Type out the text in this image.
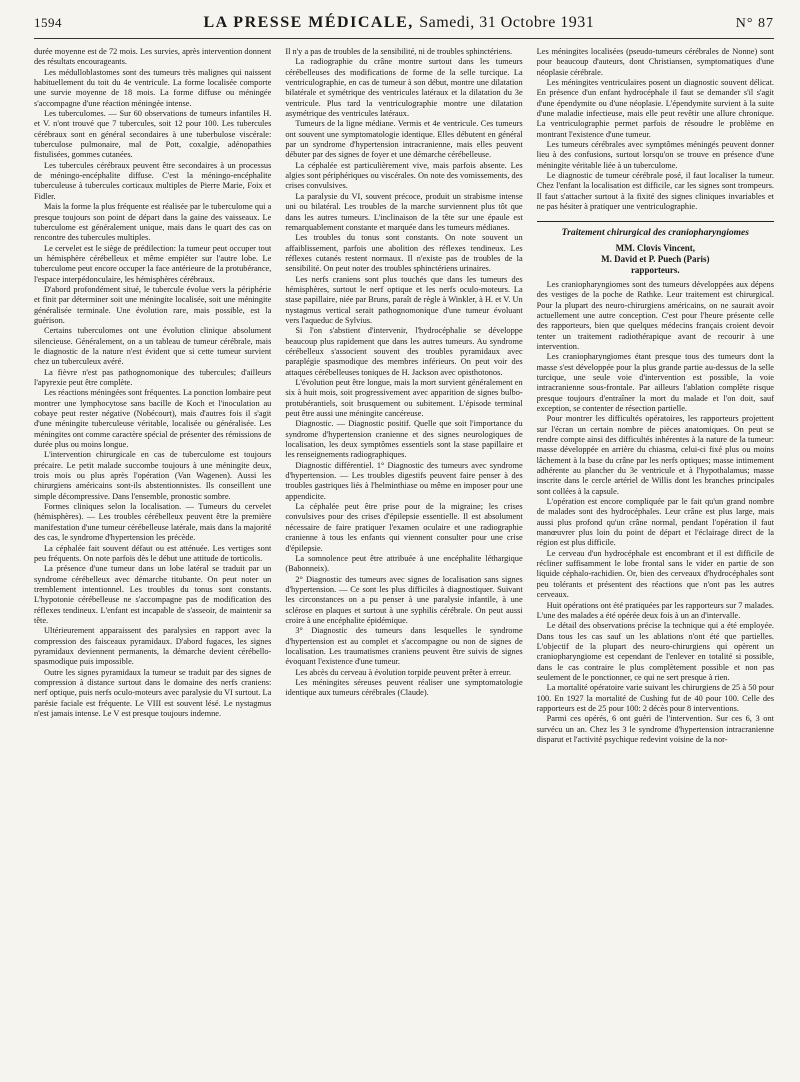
1594	LA PRESSE MÉDICALE, Samedi, 31 Octobre 1931	N° 87

durée moyenne est de 72 mois. Les survies, après intervention donnent des résultats encourageants.

Les médulloblastomes sont des tumeurs très malignes qui naissent habituellement du toit du 4e ventricule. La forme localisée comporte une survie moyenne de 18 mois. La forme diffuse ou méningée s'accompagne d'une réaction méningée intense.

Les tuberculomes. — Sur 60 observations de tumeurs infantiles H. et V. n'ont trouvé que 7 tubercules, soit 12 pour 100. Les tubercules cérébraux sont en général secondaires à une tuberbulose viscérale: tuberculose pulmonaire, mal de Pott, coxalgie, adénopathies fistulisées, gommes cutanées.

Les tubercules cérébraux peuvent être secondaires à un processus de méningo-encéphalite diffuse. C'est la méningo-encéphalite tuberculeuse à tubercules corticaux multiples de Pierre Marie, Foix et Fidler.

Mais la forme la plus fréquente est réalisée par le tuberculome qui a presque toujours son point de départ dans la gaine des vaisseaux. Le tuberculome est généralement unique, mais dans le quart des cas on rencontre des tubercules multiples.

Le cervelet est le siège de prédilection: la tumeur peut occuper tout un hémisphère cérébelleux et même empiéter sur l'autre lobe. Le tuberculome peut encore occuper la face antérieure de la protubérance, l'espace interpédonculaire, les hémisphères cérébraux.

D'abord profondément situé, le tubercule évolue vers la périphérie et finit par déterminer soit une méningite localisée, soit une méningite généralisée terminale. Une évolution rare, mais possible, est la guérison.

Certains tuberculomes ont une évolution clinique absolument silencieuse. Généralement, on a un tableau de tumeur cérébrale, mais le diagnostic de la nature n'est évident que si cette tumeur survient chez un tuberculeux avéré.

La fièvre n'est pas pathognomonique des tubercules; d'ailleurs l'apyrexie peut être complète.

Les réactions méningées sont fréquentes. La ponction lombaire peut montrer une lymphocytose sans bacille de Koch et l'inoculation au cobaye peut rester négative (Nobécourt), mais d'autres fois il s'agit d'une méningite tuberculeuse véritable, localisée ou généralisée. Les méningites ont comme caractère spécial de présenter des rémissions de durée plus ou moins longue.

L'intervention chirurgicale en cas de tuberculome est toujours précaire. Le petit malade succombe toujours à une méningite deux, trois mois ou plus après l'opération (Van Wagenen). Aussi les chirurgiens américains sont-ils abstentionnistes. Ils conseillent une simple décompressive. Dans l'ensemble, pronostic sombre.

Formes cliniques selon la localisation. — Tumeurs du cervelet (hémisphères). — Les troubles cérébelleux peuvent être la première manifestation d'une tumeur cérébelleuse latérale, mais dans la majorité des cas, le syndrome d'hypertension les précède.

La céphalée fait souvent défaut ou est atténuée. Les vertiges sont peu fréquents. On note parfois dès le début une attitude de torticolis.

La présence d'une tumeur dans un lobe latéral se traduit par un syndrome cérébelleux avec démarche titubante. On peut noter un tremblement intentionnel. Les troubles du tonus sont constants. L'hypotonie cérébelleuse ne s'accompagne pas de modification des réflexes tendineux. L'enfant est incapable de s'asseoir, de maintenir sa tête.

Ultérieurement apparaissent des paralysies en rapport avec la compression des faisceaux pyramidaux. D'abord fugaces, les signes pyramidaux deviennent permanents, la démarche devient cérébello-spasmodique puis impossible.

Outre les signes pyramidaux la tumeur se traduit par des signes de compression à distance surtout dans le domaine des nerfs craniens: nerf optique, puis nerfs oculo-moteurs avec paralysie du VI surtout. La parésie faciale est fréquente. Le VIII est souvent lésé. Le nystagmus n'est jamais intense. Le V est presque toujours indemne.

Il n'y a pas de troubles de la sensibilité, ni de troubles sphinctériens.

La radiographie du crâne montre surtout dans les tumeurs cérébelleuses des modifications de forme de la selle turcique. La ventriculographie, en cas de tumeur à son début, montre une dilatation bilatérale et symétrique des ventricules latéraux et la dilatation du 3e ventricule. Plus tard la ventriculographie montre une dilatation asymétrique des ventricules latéraux.

Tumeurs de la ligne médiane. Vermis et 4e ventricule. Ces tumeurs ont souvent une symptomatologie identique. Elles débutent en général par un syndrome d'hypertension intracranienne, mais elles peuvent débuter par des signes de foyer et une démarche cérébelleuse.

La céphalée est particulièrement vive, mais parfois absente. Les algies sont périphériques ou viscérales. On note des vomissements, des crises convulsives.

La paralysie du VI, souvent précoce, produit un strabisme intense uni ou bilatéral. Les troubles de la marche surviennent plus tôt que dans les autres tumeurs. L'inclinaison de la tête sur une épaule est remarquablement constante et marquée dans les tumeurs médianes.

Les troubles du tonus sont constants. On note souvent un affaiblissement, parfois une abolition des réflexes tendineux. Les réflexes cutanés restent normaux. Il n'existe pas de troubles de la sensibilité. On peut noter des troubles sphinctériens urinaires.

Les nerfs craniens sont plus touchés que dans les tumeurs des hémisphères, surtout le nerf optique et les nerfs oculo-moteurs. La stase papillaire, niée par Bruns, paraît de règle à Winkler, à H. et V. Un nystagmus vertical serait pathognomonique d'une tumeur évoluant vers l'aqueduc de Sylvius.

Si l'on s'abstient d'intervenir, l'hydrocéphalie se développe beaucoup plus rapidement que dans les autres tumeurs. Au syndrome cérébelleux s'associent souvent des troubles pyramidaux avec paraplégie spasmodique des membres inférieurs. On peut voir des attaques cérébelleuses toniques de H. Jackson avec opisthotonos.

L'évolution peut être longue, mais la mort survient généralement en six à huit mois, soit progressivement avec apparition de signes bulbo-protubérantiels, soit brusquement ou subitement. L'épisode terminal peut être aussi une méningite cancéreuse.

Diagnostic. — Diagnostic positif. Quelle que soit l'importance du syndrome d'hypertension cranienne et des signes neurologiques de localisation, les deux symptômes essentiels sont la stase papillaire et les renseignements radiographiques.

Diagnostic différentiel. 1° Diagnostic des tumeurs avec syndrome d'hypertension. — Les troubles digestifs peuvent faire penser à des troubles gastriques liés à l'helminthiase ou même en imposer pour une appendicite.

La céphalée peut être prise pour de la migraine; les crises convulsives pour des crises d'épilepsie essentielle. Il est absolument nécessaire de faire pratiquer l'examen oculaire et une radiographie cranienne à tous les enfants qui viennent consulter pour une crise d'épilepsie.

La somnolence peut être attribuée à une encéphalite léthargique (Babonneix).

2° Diagnostic des tumeurs avec signes de localisation sans signes d'hypertension. — Ce sont les plus difficiles à diagnostiquer. Suivant les circonstances on a pu penser à une paralysie infantile, à une sclérose en plaques et surtout à une syphilis cérébrale. On peut aussi croire à une encéphalite épidémique.

3° Diagnostic des tumeurs dans lesquelles le syndrome d'hypertension est au complet et s'accompagne ou non de signes de localisation. Les traumatismes craniens peuvent être suivis de signes évoquant l'existence d'une tumeur.

Les abcès du cerveau à évolution torpide peuvent prêter à erreur.

Les méningites séreuses peuvent réaliser une symptomatologie identique aux tumeurs cérébrales (Claude).

Les méningites localisées (pseudo-tumeurs cérébrales de Nonne) sont pour beaucoup d'auteurs, dont Christiansen, symptomatiques d'une néoplasie cérébrale.

Les méningites ventriculaires posent un diagnostic souvent délicat. En présence d'un enfant hydrocéphale il faut se demander s'il s'agit d'une épendymite ou d'une néoplasie. L'épendymite survient à la suite d'une maladie infectieuse, mais elle peut revêtir une allure chronique. La ventriculographie permet parfois de résoudre le problème en montrant l'existence d'une tumeur.

Les tumeurs cérébrales avec symptômes méningés peuvent donner lieu à des confusions, surtout lorsqu'on se trouve en présence d'une méningite véritable liée à un tuberculome.

Le diagnostic de tumeur cérébrale posé, il faut localiser la tumeur. Chez l'enfant la localisation est difficile, car les signes sont trompeurs. Il faut s'attacher surtout à la fixité des signes cliniques invariables et ne pas hésiter à pratiquer une ventriculographie.

Traitement chirurgical des craniopharyngiomes
MM. Clovis Vincent,
M. David et P. Puech (Paris)
rapporteurs.

Les craniopharyngiomes sont des tumeurs développées aux dépens des vestiges de la poche de Rathke. Leur traitement est chirurgical. Pour la plupart des neuro-chirurgiens américains, on ne saurait avoir actuellement une autre conception. C'est pour l'heure présente celle des rapporteurs, bien que quelques médecins français croient devoir tenter un traitement radiothérapique avant de recourir à une intervention.

Les craniopharyngiomes étant presque tous des tumeurs dont la masse s'est développée pour la plus grande partie au-dessus de la selle turcique, une seule voie d'intervention est possible, la voie intracranienne sous-frontale. Par ailleurs l'ablation complète risque presque toujours d'entraîner la mort du malade et l'on doit, sauf exception, se contenter de résection partielle.

Pour montrer les difficultés opératoires, les rapporteurs projettent sur l'écran un certain nombre de pièces anatomiques. On peut se rendre compte ainsi des difficultés inhérentes à la nature de la tumeur: masse développée en arrière du chiasma, celui-ci fixé plus ou moins lâchement à la base du crâne par les nerfs optiques; masse intimement adhérente au plancher du 3e ventricule et à l'hypothalamus; masse inscrite dans le cercle artériel de Willis dont les branches principales sont collées à la capsule.

L'opération est encore compliquée par le fait qu'un grand nombre de malades sont des hydrocéphales. Leur crâne est plus large, mais aussi plus profond qu'un crâne normal, pendant l'opération il faut manœuvrer plus loin du point de départ et l'éclairage direct de la région est plus difficile.

Le cerveau d'un hydrocéphale est encombrant et il est difficile de récliner suffisamment le lobe frontal sans le vider en partie de son liquide céphalo-rachidien. Or, bien des cerveaux d'hydrocéphales sont peu tolérants et présentent des réactions que n'ont pas les autres cerveaux.

Huit opérations ont été pratiquées par les rapporteurs sur 7 malades. L'une des malades a été opérée deux fois à un an d'intervalle.

Le détail des observations précise la technique qui a été employée. Dans tous les cas sauf un les ablations n'ont été que partielles. L'objectif de la plupart des neuro-chirurgiens qui opèrent un craniopharyngiome est cependant de l'enlever en totalité si possible, dans le cas contraire le plus complètement possible et non pas seulement de le ponctionner, ce qui ne sert presque à rien.

La mortalité opératoire varie suivant les chirurgiens de 25 à 50 pour 100. En 1927 la mortalité de Cushing fut de 40 pour 100. Celle des rapporteurs est de 25 pour 100: 2 décès pour 8 interventions.

Parmi ces opérés, 6 ont guéri de l'intervention. Sur ces 6, 3 ont survécu un an. Chez les 3 le syndrome d'hypertension intracranienne disparut et l'activité psychique redevint voisine de la nor-
